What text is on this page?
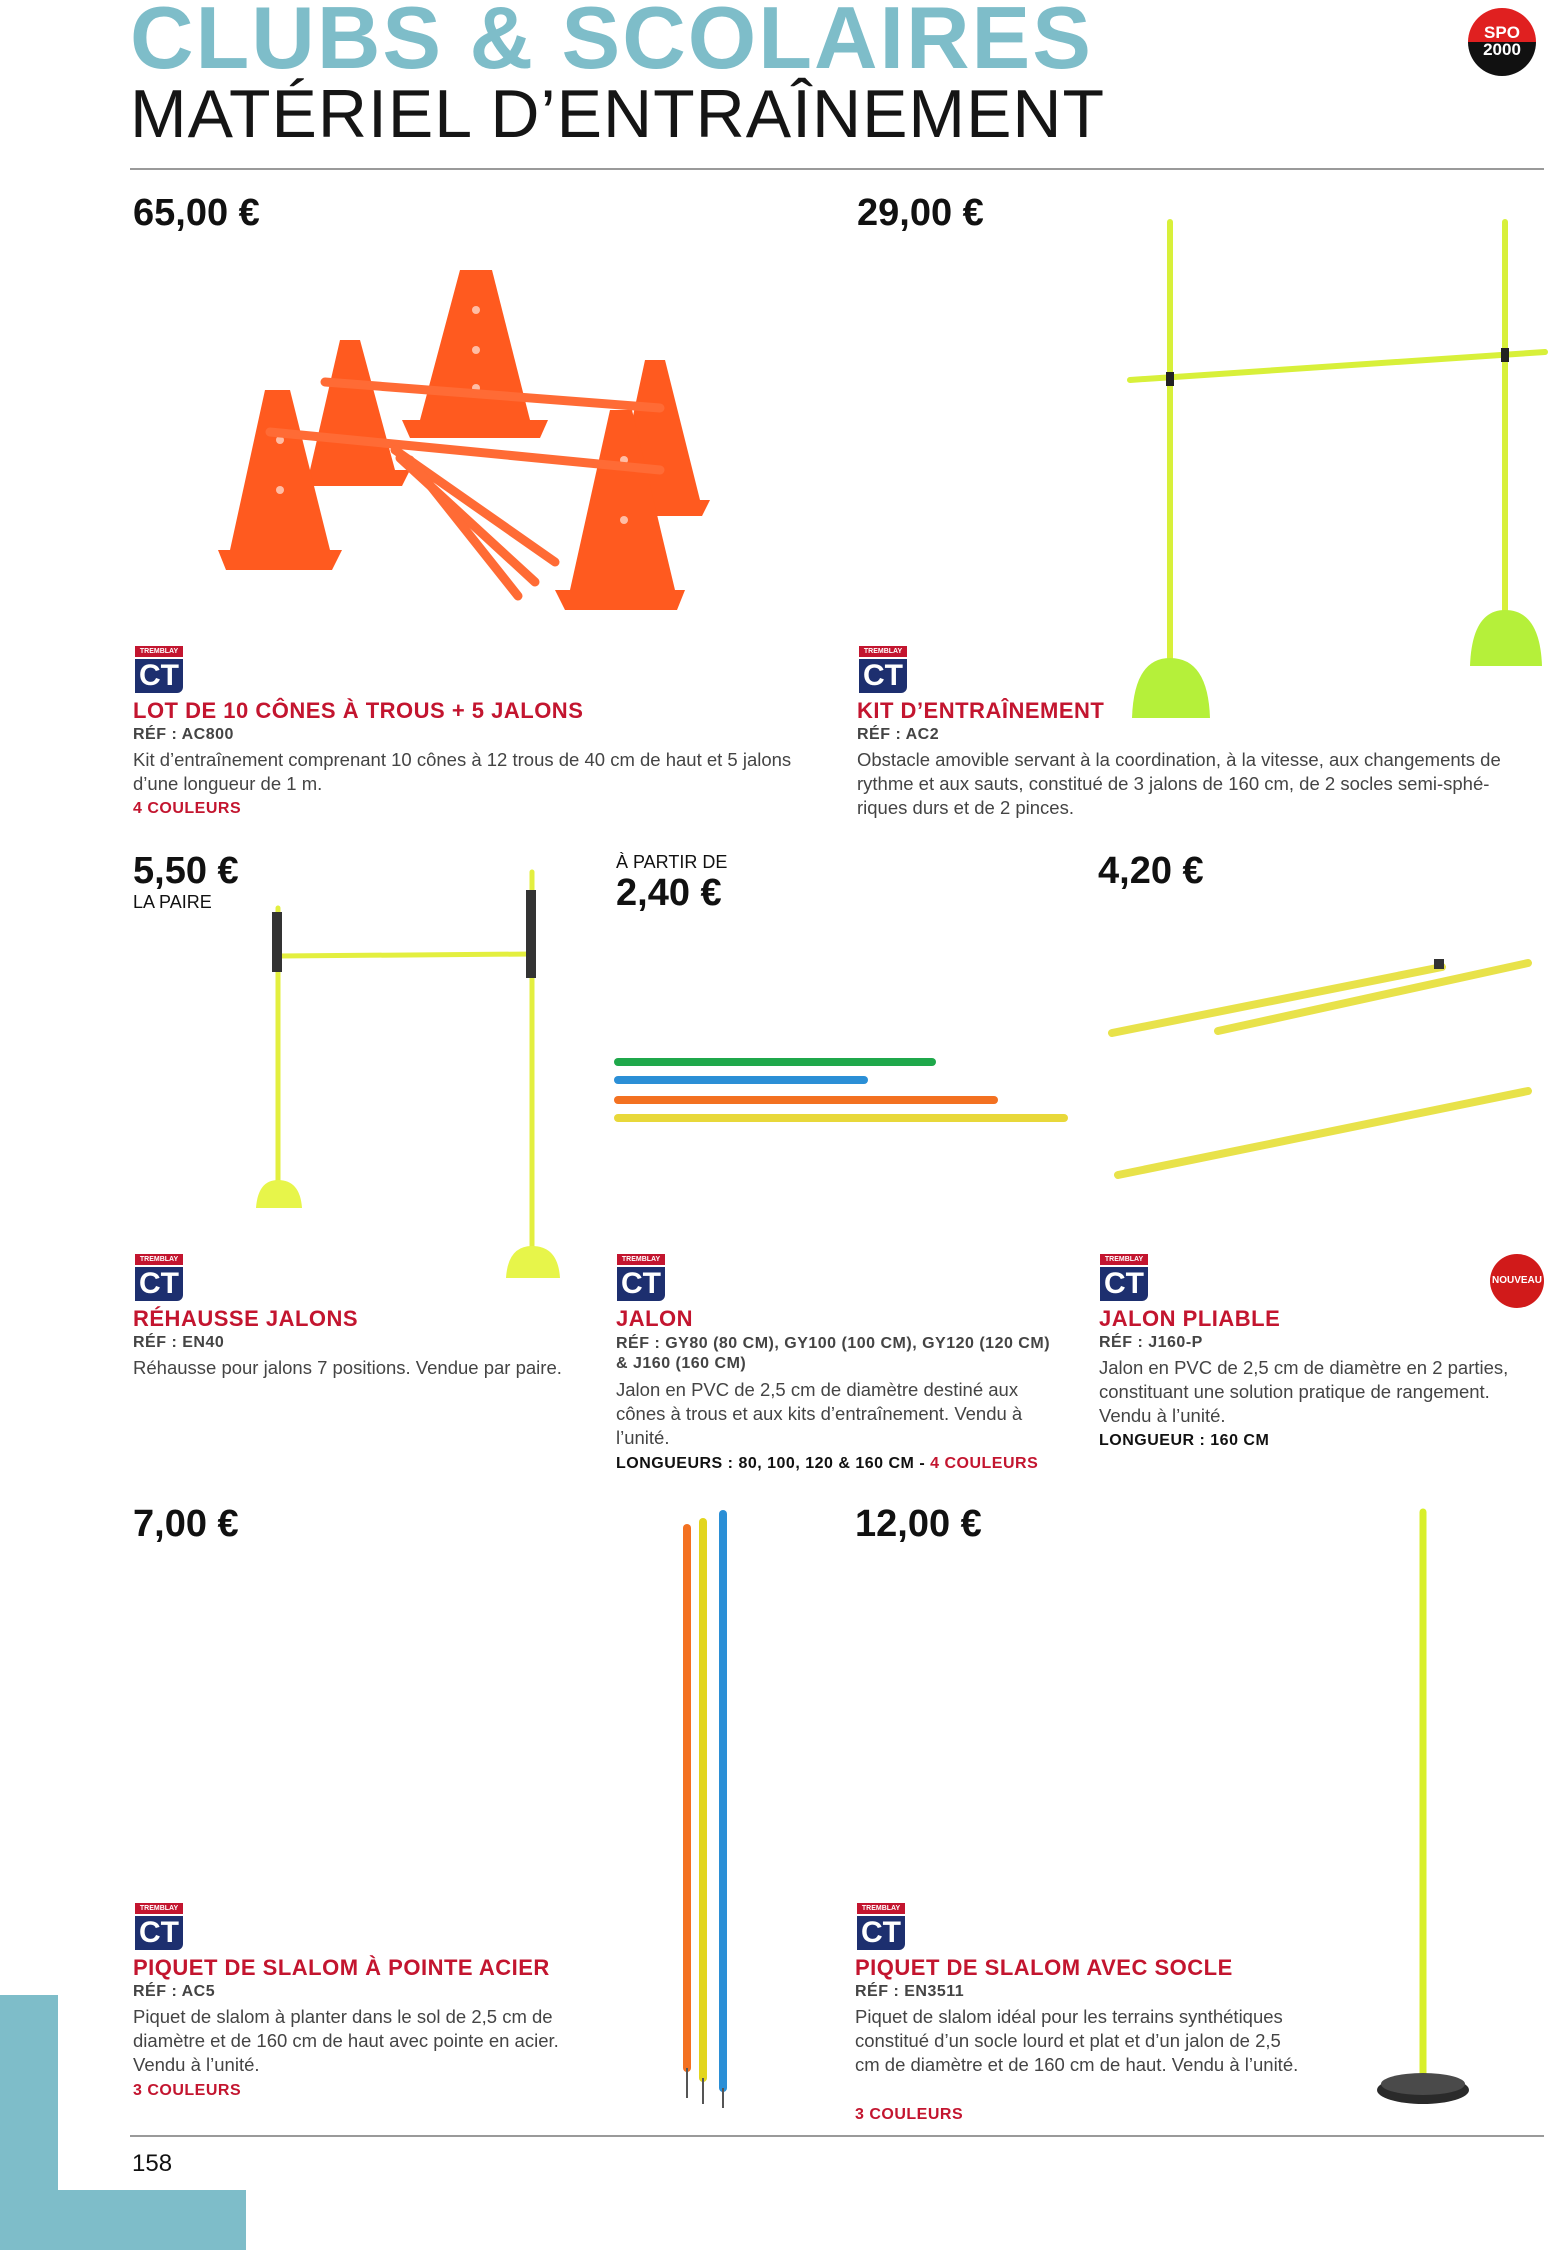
CLUBS & SCOLAIRES
MATÉRIEL D’ENTRAÎNEMENT
SPO
2000
65,00 €
TREMBLAY
CT
LOT DE 10 CÔNES À TROUS + 5 JALONS
RÉF : AC800
Kit d’entraînement comprenant 10 cônes à 12 trous de 40 cm de haut et 5 jalons d’une longueur de 1 m.
4 COULEURS
29,00 €
TREMBLAY
CT
KIT D’ENTRAÎNEMENT
RÉF : AC2
Obstacle amovible servant à la coordination, à la vitesse, aux changements de rythme et aux sauts, constitué de 3 jalons de 160 cm, de 2 socles semi-sphé-riques durs et de 2 pinces.
5,50 €
LA PAIRE
TREMBLAY
CT
RÉHAUSSE JALONS
RÉF : EN40
Réhausse pour jalons 7 positions. Vendue par paire.
À PARTIR DE
2,40 €
TREMBLAY
CT
JALON
RÉF : GY80 (80 CM), GY100 (100 CM), GY120 (120 CM) & J160 (160 CM)
Jalon en PVC de 2,5 cm de diamètre destiné aux cônes à trous et aux kits d’entraînement. Vendu à l’unité.
LONGUEURS : 80, 100, 120 & 160 CM - 4 COULEURS
4,20 €
NOUVEAU
TREMBLAY
CT
JALON PLIABLE
RÉF : J160-P
Jalon en PVC de 2,5 cm de diamètre en 2 parties, constituant une solution pratique de rangement. Vendu à l’unité.
LONGUEUR : 160 CM
7,00 €
TREMBLAY
CT
PIQUET DE SLALOM À POINTE ACIER
RÉF : AC5
Piquet de slalom à planter dans le sol de 2,5 cm de diamètre et de 160 cm de haut avec pointe en acier. Vendu à l’unité.
3 COULEURS
12,00 €
TREMBLAY
CT
PIQUET DE SLALOM AVEC SOCLE
RÉF : EN3511
Piquet de slalom idéal pour les terrains synthétiques constitué d’un socle lourd et plat et d’un jalon de 2,5 cm de diamètre et de 160 cm de haut. Vendu à l’unité.
3 COULEURS
158
